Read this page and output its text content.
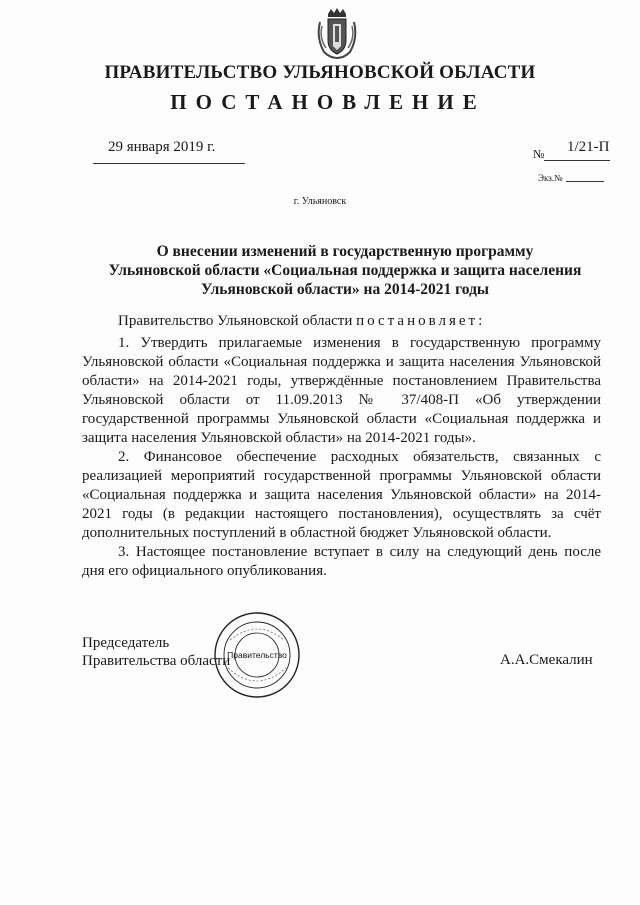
ПРАВИТЕЛЬСТВО УЛЬЯНОВСКОЙ ОБЛАСТИ
ПОСТАНОВЛЕНИЕ
29 января 2019 г.	№ 1/21-П
Экз.№
г. Ульяновск
О внесении изменений в государственную программу
Ульяновской области «Социальная поддержка и защита населения
Ульяновской области» на 2014-2021 годы

Правительство Ульяновской области постановляет:

1. Утвердить прилагаемые изменения в государственную программу Ульяновской области «Социальная поддержка и защита населения Ульяновской области» на 2014-2021 годы, утверждённые постановлением Правительства Ульяновской области от 11.09.2013 № 37/408-П «Об утверждении государственной программы Ульяновской области «Социальная поддержка и защита населения Ульяновской области» на 2014-2021 годы».

2. Финансовое обеспечение расходных обязательств, связанных с реализацией мероприятий государственной программы Ульяновской области «Социальная поддержка и защита населения Ульяновской области» на 2014-2021 годы (в редакции настоящего постановления), осуществлять за счёт дополнительных поступлений в областной бюджет Ульяновской области.

3. Настоящее постановление вступает в силу на следующий день после дня его официального опубликования.

Председатель
Правительства области	А.А.Смекалин
Правительство
